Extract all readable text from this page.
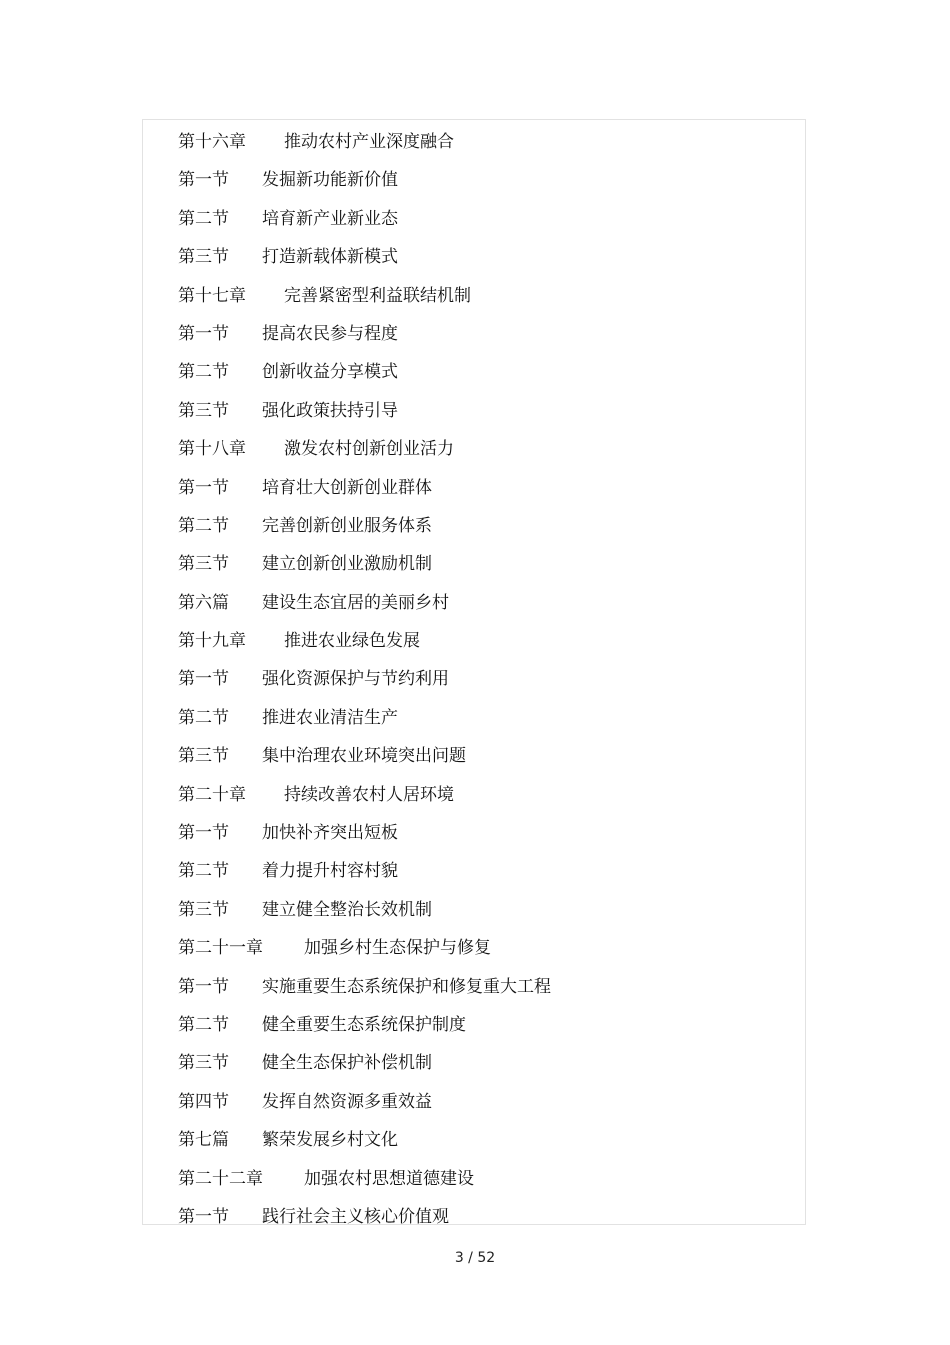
第十六章	推动农村产业深度融合
第一节	发掘新功能新价值
第二节	培育新产业新业态
第三节	打造新载体新模式
第十七章	完善紧密型利益联结机制
第一节	提高农民参与程度
第二节	创新收益分享模式
第三节	强化政策扶持引导
第十八章	激发农村创新创业活力
第一节	培育壮大创新创业群体
第二节	完善创新创业服务体系
第三节	建立创新创业激励机制
第六篇	建设生态宜居的美丽乡村
第十九章	推进农业绿色发展
第一节	强化资源保护与节约利用
第二节	推进农业清洁生产
第三节	集中治理农业环境突出问题
第二十章	持续改善农村人居环境
第一节	加快补齐突出短板
第二节	着力提升村容村貌
第三节	建立健全整治长效机制
第二十一章	加强乡村生态保护与修复
第一节	实施重要生态系统保护和修复重大工程
第二节	健全重要生态系统保护制度
第三节	健全生态保护补偿机制
第四节	发挥自然资源多重效益
第七篇	繁荣发展乡村文化
第二十二章	加强农村思想道德建设
第一节	践行社会主义核心价值观
3 / 52
